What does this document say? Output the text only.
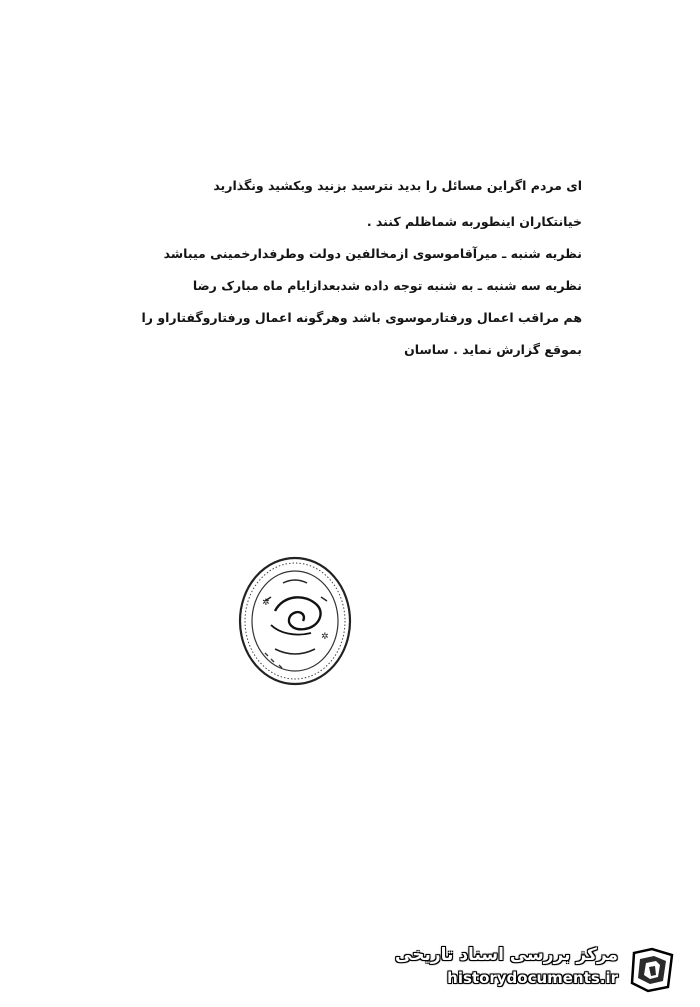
ای مردم اگراین مسائل را بدید نترسید بزنید وبکشید ونگذارید
خیانتکاران اینطوربه شماظلم کنند .
نظریه شنبه ـ میرآقاموسوی ازمخالفین دولت وطرفدارخمینی میباشد
نظریه سه شنبه ـ به شنبه توجه داده شدبعدازایام ماه مبارک رضا
هم مراقب اعمال ورفتارموسوی باشد وهرگونه اعمال ورفتاروگفتاراو را
بموقع گزارش نماید . ساسان
✲
✲
مرکز بررسی اسناد تاریخی
historydocuments.ir
